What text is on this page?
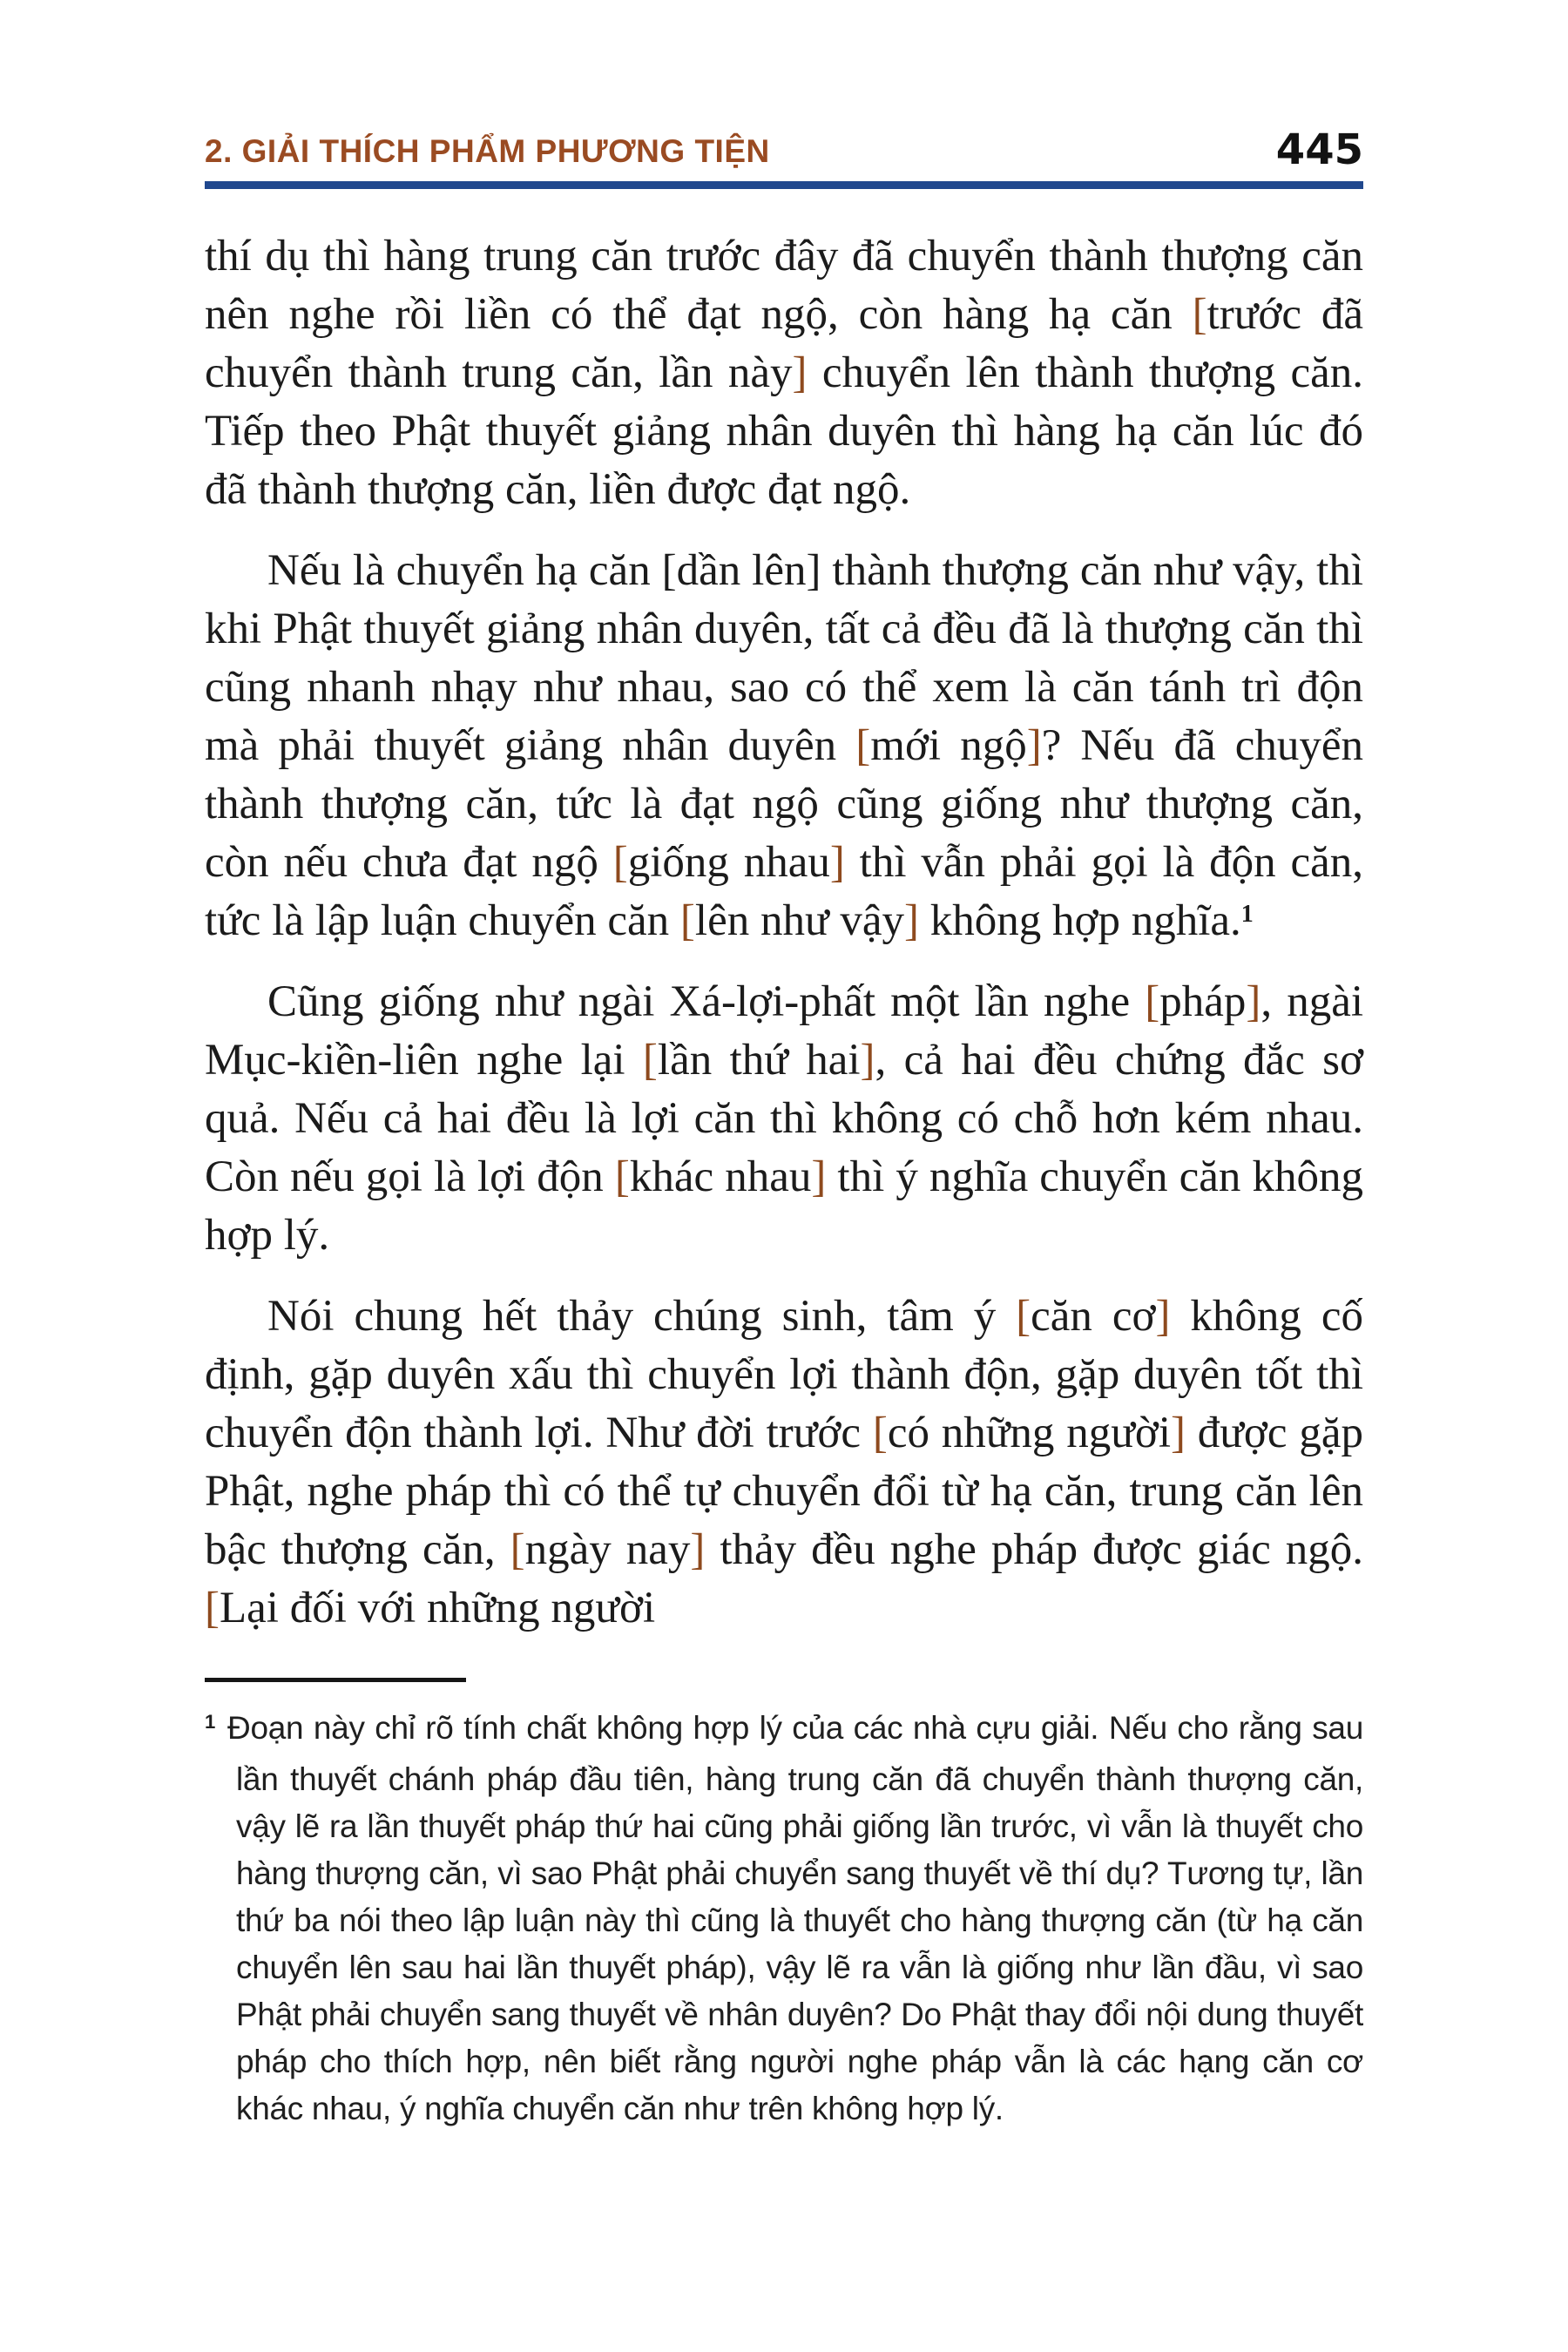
2. GIẢI THÍCH PHẨM PHƯƠNG TIỆN	445

thí dụ thì hàng trung căn trước đây đã chuyển thành thượng căn nên nghe rồi liền có thể đạt ngộ, còn hàng hạ căn [trước đã chuyển thành trung căn, lần này] chuyển lên thành thượng căn. Tiếp theo Phật thuyết giảng nhân duyên thì hàng hạ căn lúc đó đã thành thượng căn, liền được đạt ngộ.

Nếu là chuyển hạ căn [dần lên] thành thượng căn như vậy, thì khi Phật thuyết giảng nhân duyên, tất cả đều đã là thượng căn thì cũng nhanh nhạy như nhau, sao có thể xem là căn tánh trì độn mà phải thuyết giảng nhân duyên [mới ngộ]? Nếu đã chuyển thành thượng căn, tức là đạt ngộ cũng giống như thượng căn, còn nếu chưa đạt ngộ [giống nhau] thì vẫn phải gọi là độn căn, tức là lập luận chuyển căn [lên như vậy] không hợp nghĩa.$^1$

Cũng giống như ngài Xá-lợi-phất một lần nghe [pháp], ngài Mục-kiền-liên nghe lại [lần thứ hai], cả hai đều chứng đắc sơ quả. Nếu cả hai đều là lợi căn thì không có chỗ hơn kém nhau. Còn nếu gọi là lợi độn [khác nhau] thì ý nghĩa chuyển căn không hợp lý.

Nói chung hết thảy chúng sinh, tâm ý [căn cơ] không cố định, gặp duyên xấu thì chuyển lợi thành độn, gặp duyên tốt thì chuyển độn thành lợi. Như đời trước [có những người] được gặp Phật, nghe pháp thì có thể tự chuyển đổi từ hạ căn, trung căn lên bậc thượng căn, [ngày nay] thảy đều nghe pháp được giác ngộ. [Lại đối với những người

$^1$ Đoạn này chỉ rõ tính chất không hợp lý của các nhà cựu giải. Nếu cho rằng sau lần thuyết chánh pháp đầu tiên, hàng trung căn đã chuyển thành thượng căn, vậy lẽ ra lần thuyết pháp thứ hai cũng phải giống lần trước, vì vẫn là thuyết cho hàng thượng căn, vì sao Phật phải chuyển sang thuyết về thí dụ? Tương tự, lần thứ ba nói theo lập luận này thì cũng là thuyết cho hàng thượng căn (từ hạ căn chuyển lên sau hai lần thuyết pháp), vậy lẽ ra vẫn là giống như lần đầu, vì sao Phật phải chuyển sang thuyết về nhân duyên? Do Phật thay đổi nội dung thuyết pháp cho thích hợp, nên biết rằng người nghe pháp vẫn là các hạng căn cơ khác nhau, ý nghĩa chuyển căn như trên không hợp lý.
